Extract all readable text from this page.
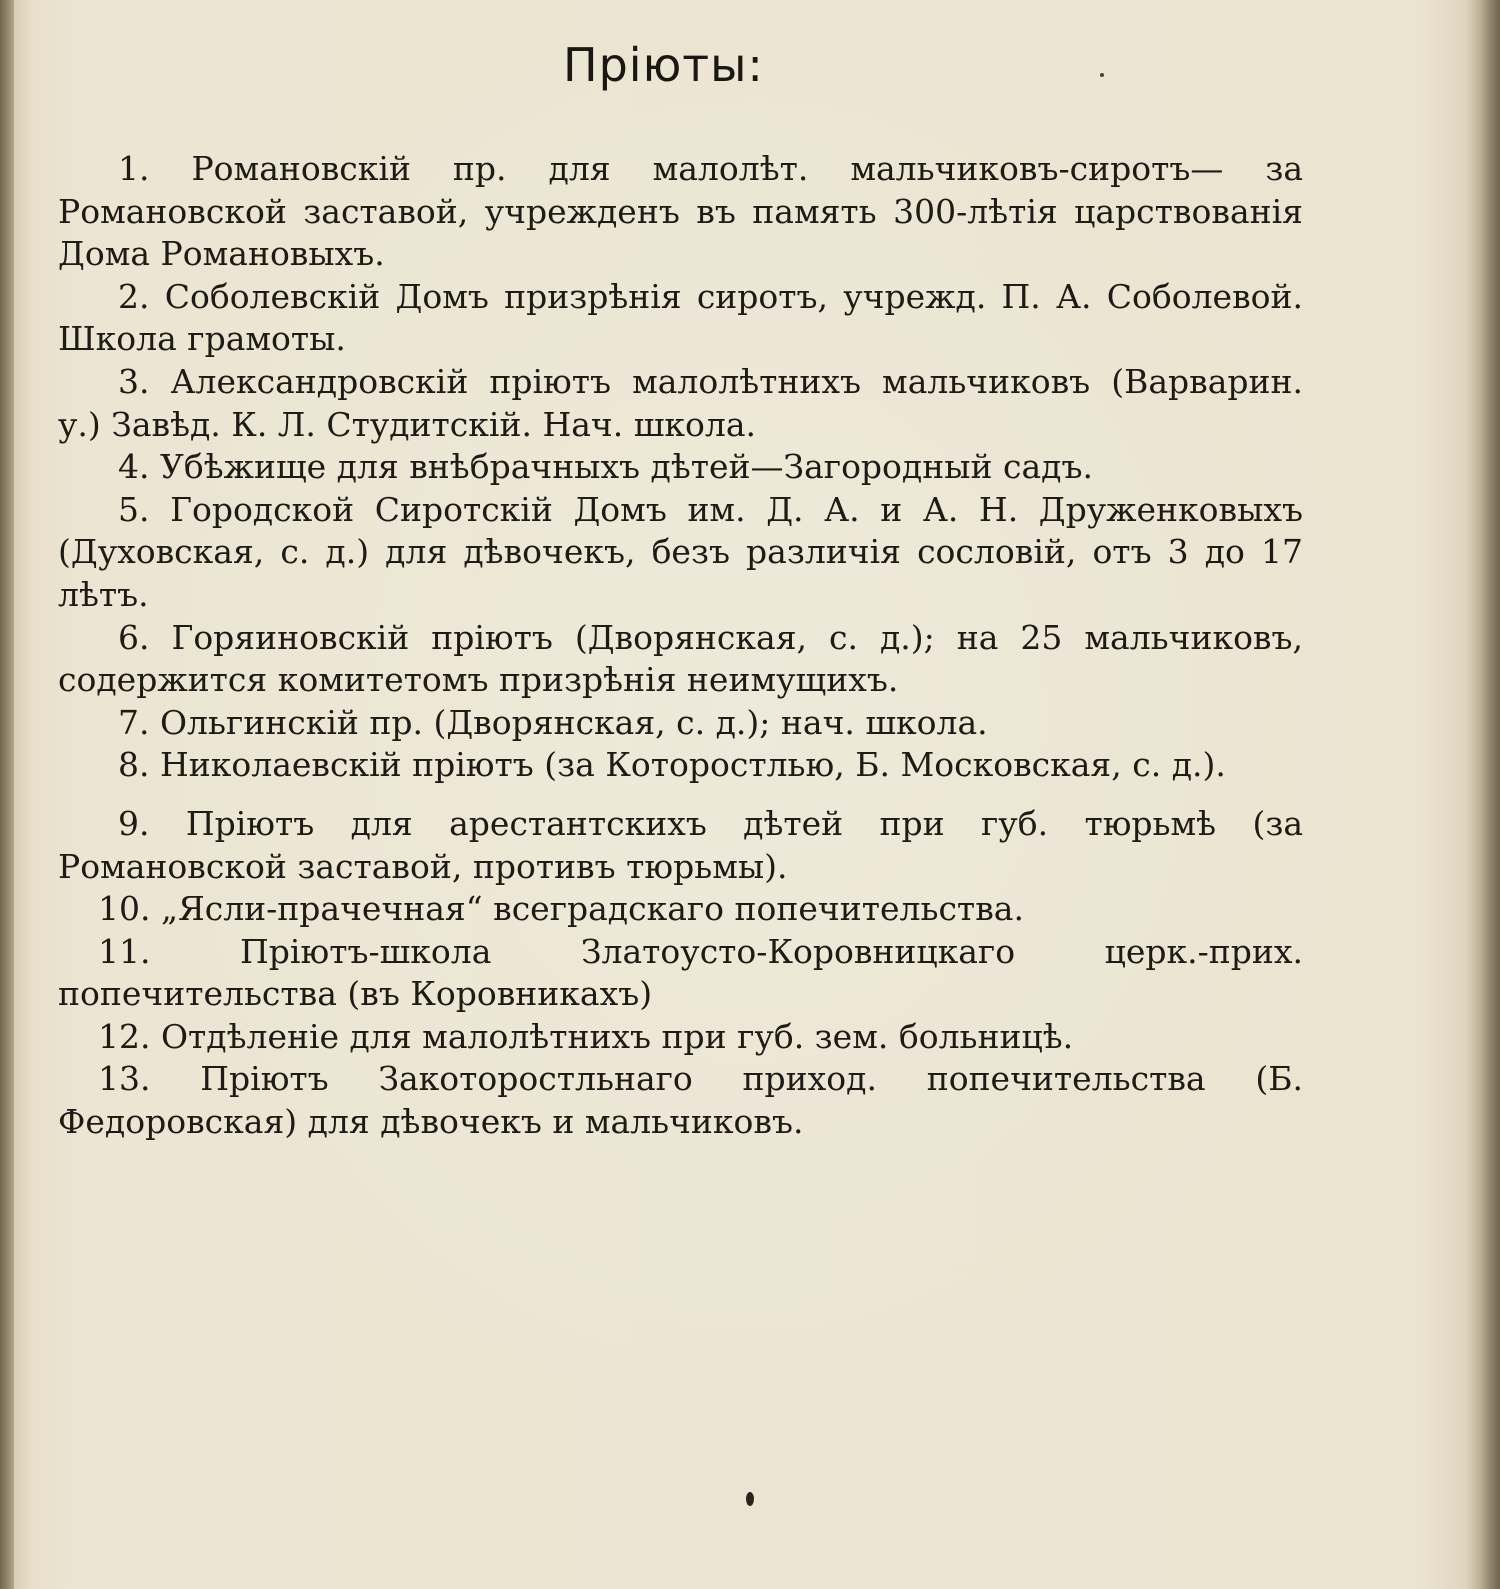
Пріюты:

1. Романовскій пр. для малолѣт. мальчиковъ-сиротъ— за Романовской заставой, учрежденъ въ память 300-лѣтія царствованія Дома Романовыхъ.

2. Соболевскій Домъ призрѣнія сиротъ, учрежд. П. А. Соболевой. Школа грамоты.

3. Александровскій пріютъ малолѣтнихъ мальчиковъ (Варварин. у.) Завѣд. К. Л. Студитскій. Нач. школа.

4. Убѣжище для внѣбрачныхъ дѣтей—Загородный садъ.

5. Городской Сиротскій Домъ им. Д. А. и А. Н. Друженковыхъ (Духовская, с. д.) для дѣвочекъ, безъ различія сословій, отъ 3 до 17 лѣтъ.

6. Горяиновскій пріютъ (Дворянская, с. д.); на 25 мальчиковъ, содержится комитетомъ призрѣнія неимущихъ.

7. Ольгинскій пр. (Дворянская, с. д.); нач. школа.

8. Николаевскій пріютъ (за Которостлью, Б. Московская, с. д.).

9. Пріютъ для арестантскихъ дѣтей при губ. тюрьмѣ (за Романовской заставой, противъ тюрьмы).

10. „Ясли-прачечная“ всеградскаго попечительства.

11. Пріютъ-школа Златоусто-Коровницкаго церк.-прих. попечительства (въ Коровникахъ)

12. Отдѣленіе для малолѣтнихъ при губ. зем. больницѣ.

13. Пріютъ Закоторостльнаго приход. попечительства (Б. Федоровская) для дѣвочекъ и мальчиковъ.
